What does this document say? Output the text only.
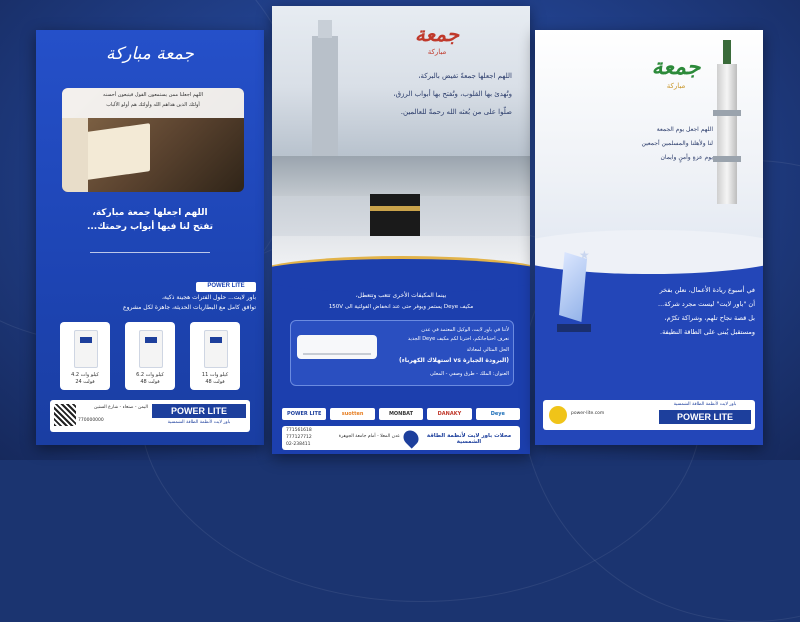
جمعة مباركة
اللهم اجعلنا ممن يستمعون القول فيتبعون أحسنه
أولئك الذين هداهم الله وأولئك هم أولو الألباب
اللهم اجعلها جمعة مباركة،
تفتح لنا فيها أبواب رحمتك...
POWER LITE
باور لايت... حلول الفترات هجينة ذكية،
توافق كامل مع البطاريات الحديثة، جاهزة لكل مشروع
4.2 كيلو وات
24 فولت
6.2 كيلو وات
48 فولت
11 كيلو وات
48 فولت
اليمن - صنعاء - شارع الستين
770000000
POWER LITE
باور لايت لأنظمة الطاقة الشمسية
جمعة
مباركة
اللهم اجعلها جمعةً تفيض بالبركة،
وتُهدئ بها القلوب، وتُفتح بها أبواب الرزق،
صلّوا على من بُعثه الله رحمةً للعالمين.
بينما المكيفات الأخرى تتعب وتتعطل،
مكيف Deye يستمر ويوفر حتى عند انخفاض الفولتية الى 150V
لأننا في باور لايت، الوكيل المعتمد في عدن
نعرف احتياجاتكم، اخترنا لكم مكيف Deye الجديد
الحل المثالي لمعادلة
(البرودة الجبارة vs استهلاك الكهرباء)
العنوان: الملك - طرق وصفي - المعلى
POWER LITE	suotten	MONBAT	DANAKY	Deye
771561618
777127712
02-238411
عدن المعلا - أمام جامعة الجوهرة	محلات باور لايت لأنظمة الطاقة الشمسية
جمعة
مباركة
اللهم اجعل يوم الجمعة
لنا ولأهلنا والمسلمين أجمعين
يوم عزةٍ وأمنٍ وايمان
★
في أسبوع ريادة الأعمال، نعلن بفخر
أن "باور لايت" ليست مجرد شركة...
بل قصة نجاح تلهم، وشراكة تكرّم،
ومستقبل يُبنى على الطاقة النظيفة.
power-lite.com
باور لايت لأنظمة الطاقة الشمسية
POWER LITE
